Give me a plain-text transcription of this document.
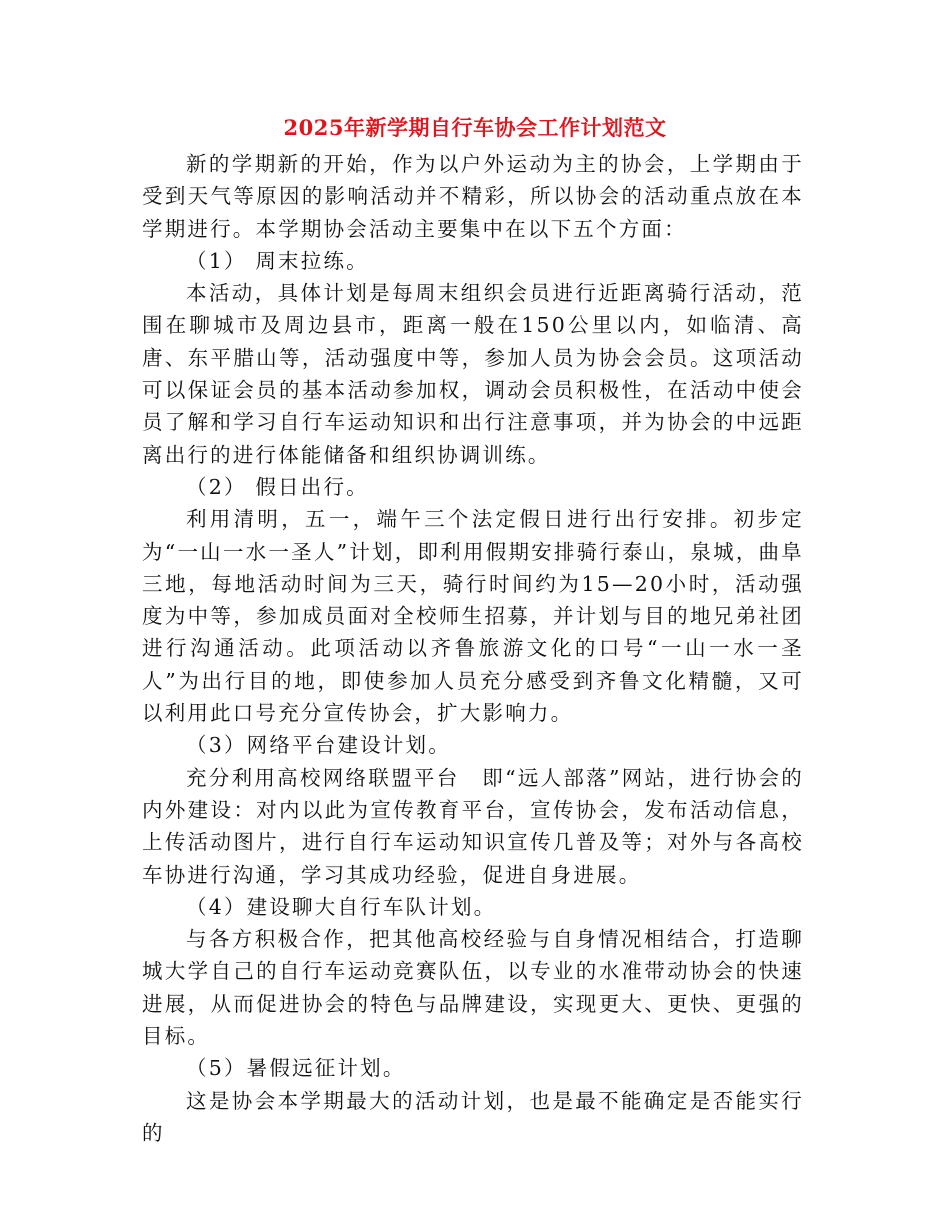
2025年新学期自行车协会工作计划范文

新的学期新的开始，作为以户外运动为主的协会，上学期由于受到天气等原因的影响活动并不精彩，所以协会的活动重点放在本学期进行。本学期协会活动主要集中在以下五个方面：

（1） 周末拉练。

本活动，具体计划是每周末组织会员进行近距离骑行活动，范围在聊城市及周边县市，距离一般在150公里以内，如临清、高唐、东平腊山等，活动强度中等，参加人员为协会会员。这项活动可以保证会员的基本活动参加权，调动会员积极性，在活动中使会员了解和学习自行车运动知识和出行注意事项，并为协会的中远距离出行的进行体能储备和组织协调训练。

（2） 假日出行。

利用清明，五一，端午三个法定假日进行出行安排。初步定为“一山一水一圣人”计划，即利用假期安排骑行泰山，泉城，曲阜三地，每地活动时间为三天，骑行时间约为15—20小时，活动强度为中等，参加成员面对全校师生招募，并计划与目的地兄弟社团进行沟通活动。此项活动以齐鲁旅游文化的口号“一山一水一圣人”为出行目的地，即使参加人员充分感受到齐鲁文化精髓，又可以利用此口号充分宣传协会，扩大影响力。

（3）网络平台建设计划。

充分利用高校网络联盟平台　即“远人部落”网站，进行协会的内外建设：对内以此为宣传教育平台，宣传协会，发布活动信息，上传活动图片，进行自行车运动知识宣传几普及等；对外与各高校车协进行沟通，学习其成功经验，促进自身进展。

（4）建设聊大自行车队计划。

与各方积极合作，把其他高校经验与自身情况相结合，打造聊城大学自己的自行车运动竞赛队伍，以专业的水准带动协会的快速进展，从而促进协会的特色与品牌建设，实现更大、更快、更强的目标。

（5）暑假远征计划。

这是协会本学期最大的活动计划，也是最不能确定是否能实行的
